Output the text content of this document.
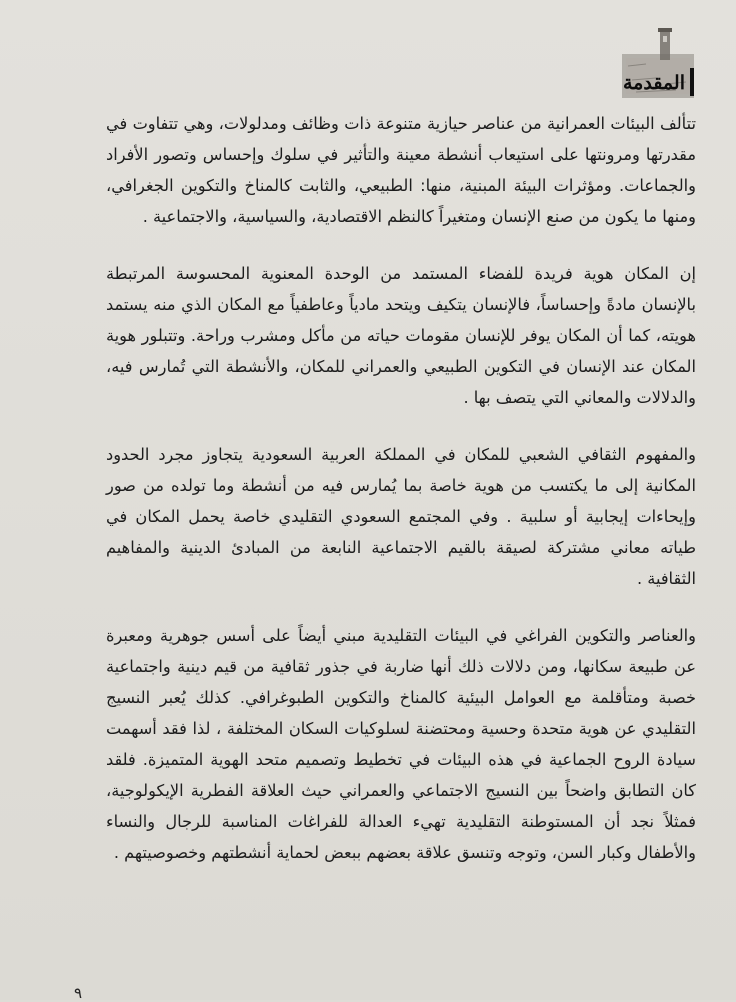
المقدمة

تتألف البيئات العمرانية من عناصر حيازية متنوعة ذات وظائف ومدلولات، وهي تتفاوت في مقدرتها ومرونتها على استيعاب أنشطة معينة والتأثير في سلوك وإحساس وتصور الأفراد والجماعات. ومؤثرات البيئة المبنية، منها: الطبيعي، والثابت كالمناخ والتكوين الجغرافي، ومنها ما يكون من صنع الإنسان ومتغيراً كالنظم الاقتصادية، والسياسية، والاجتماعية .

إن المكان هوية فريدة للفضاء المستمد من الوحدة المعنوية المحسوسة المرتبطة بالإنسان مادةً وإحساساً، فالإنسان يتكيف ويتحد مادياً وعاطفياً مع المكان الذي منه يستمد هويته، كما أن المكان يوفر للإنسان مقومات حياته من مأكل ومشرب وراحة. وتتبلور هوية المكان عند الإنسان في التكوين الطبيعي والعمراني للمكان، والأنشطة التي تُمارس فيه، والدلالات والمعاني التي يتصف بها .

والمفهوم الثقافي الشعبي للمكان في المملكة العربية السعودية يتجاوز مجرد الحدود المكانية إلى ما يكتسب من هوية خاصة بما يُمارس فيه من أنشطة وما تولده من صور وإيحاءات إيجابية أو سلبية . وفي المجتمع السعودي التقليدي خاصة يحمل المكان في طياته معاني مشتركة لصيقة بالقيم الاجتماعية النابعة من المبادئ الدينية والمفاهيم الثقافية .

والعناصر والتكوين الفراغي في البيئات التقليدية مبني أيضاً على أسس جوهرية ومعبرة عن طبيعة سكانها، ومن دلالات ذلك أنها ضاربة في جذور ثقافية من قيم دينية واجتماعية خصبة ومتأقلمة مع العوامل البيئية كالمناخ والتكوين الطبوغرافي. كذلك يُعبر النسيج التقليدي عن هوية متحدة وحسية ومحتضنة لسلوكيات السكان المختلفة ، لذا فقد أسهمت سيادة الروح الجماعية في هذه البيئات في تخطيط وتصميم متحد الهوية المتميزة. فلقد كان التطابق واضحاً بين النسيج الاجتماعي والعمراني حيث العلاقة الفطرية الإيكولوجية، فمثلاً نجد أن المستوطنة التقليدية تهيء العدالة للفراغات المناسبة للرجال والنساء والأطفال وكبار السن، وتوجه وتنسق علاقة بعضهم ببعض لحماية أنشطتهم وخصوصيتهم .

٩
